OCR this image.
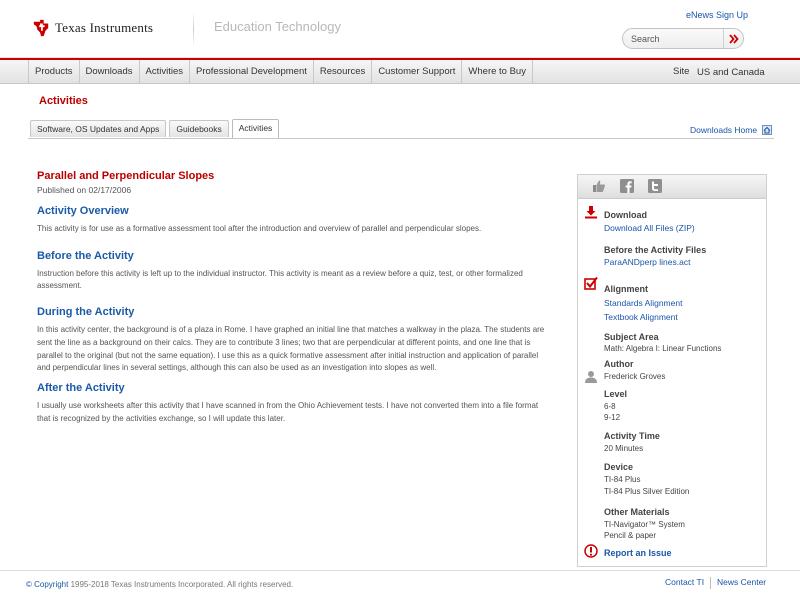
Texas Instruments	Education Technology
eNews Sign Up
Search
Products	Downloads	Activities	Professional Development	Resources	Customer Support	Where to Buy	Site US and Canada
Activities
Software, OS Updates and Apps	Guidebooks	Activities	Downloads Home
Parallel and Perpendicular Slopes
Published on 02/17/2006
Activity Overview
This activity is for use as a formative assessment tool after the introduction and overview of parallel and perpendicular slopes.
Before the Activity
Instruction before this activity is left up to the individual instructor. This activity is meant as a review before a quiz, test, or other formalized assessment.
During the Activity
In this activity center, the background is of a plaza in Rome. I have graphed an initial line that matches a walkway in the plaza. The students are sent the line as a background on their calcs. They are to contribute 3 lines; two that are perpendicular at different points, and one line that is parallel to the original (but not the same equation). I use this as a quick formative assessment after initial instruction and application of parallel and perpendicular lines in several settings, although this can also be used as an investigation into slopes as well.
After the Activity
I usually use worksheets after this activity that I have scanned in from the Ohio Achievement tests. I have not converted them into a file format that is recognized by the activities exchange, so I will update this later.
Download
Download All Files (ZIP)
Before the Activity Files
ParaANDperp lines.act
Alignment
Standards Alignment
Textbook Alignment
Subject Area
Math: Algebra I: Linear Functions
Author
Frederick Groves
Level
6-8
9-12
Activity Time
20 Minutes
Device
TI-84 Plus
TI-84 Plus Silver Edition
Other Materials
TI-Navigator™ System
Pencil & paper
Report an Issue
© Copyright 1995-2018 Texas Instruments Incorporated. All rights reserved.	Contact TI News Center
